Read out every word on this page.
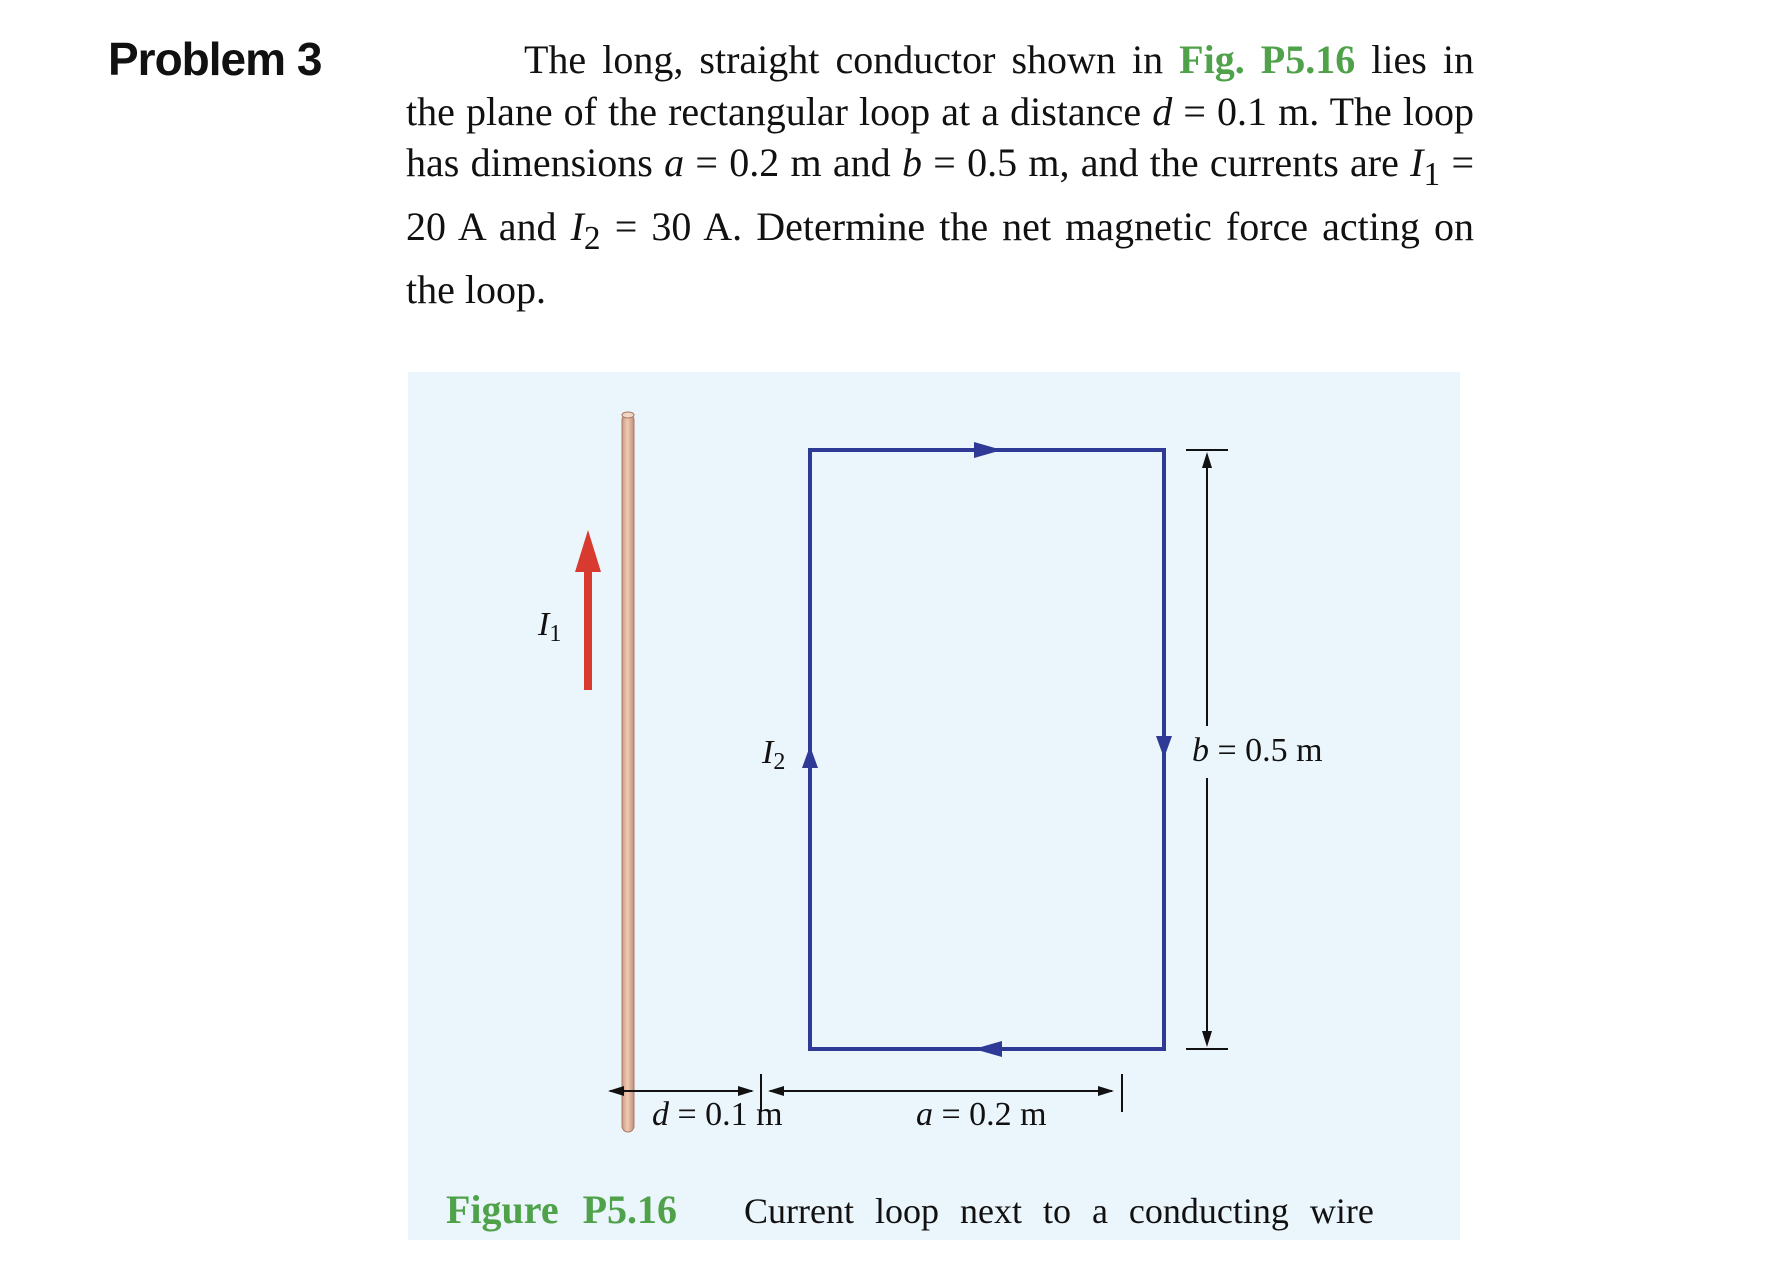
Problem 3	The long, straight conductor shown in Fig. P5.16 lies in the plane of the rectangular loop at a distance d = 0.1 m. The loop has dimensions a = 0.2 m and b = 0.5 m, and the currents are $I_1 = 20$ A and $I_2 = 30$ A. Determine the net magnetic force acting on the loop.
$I_1$
$I_2$	b = 0.5 m
d = 0.1 m	a = 0.2 m
Figure P5.16 Current loop next to a conducting wire
